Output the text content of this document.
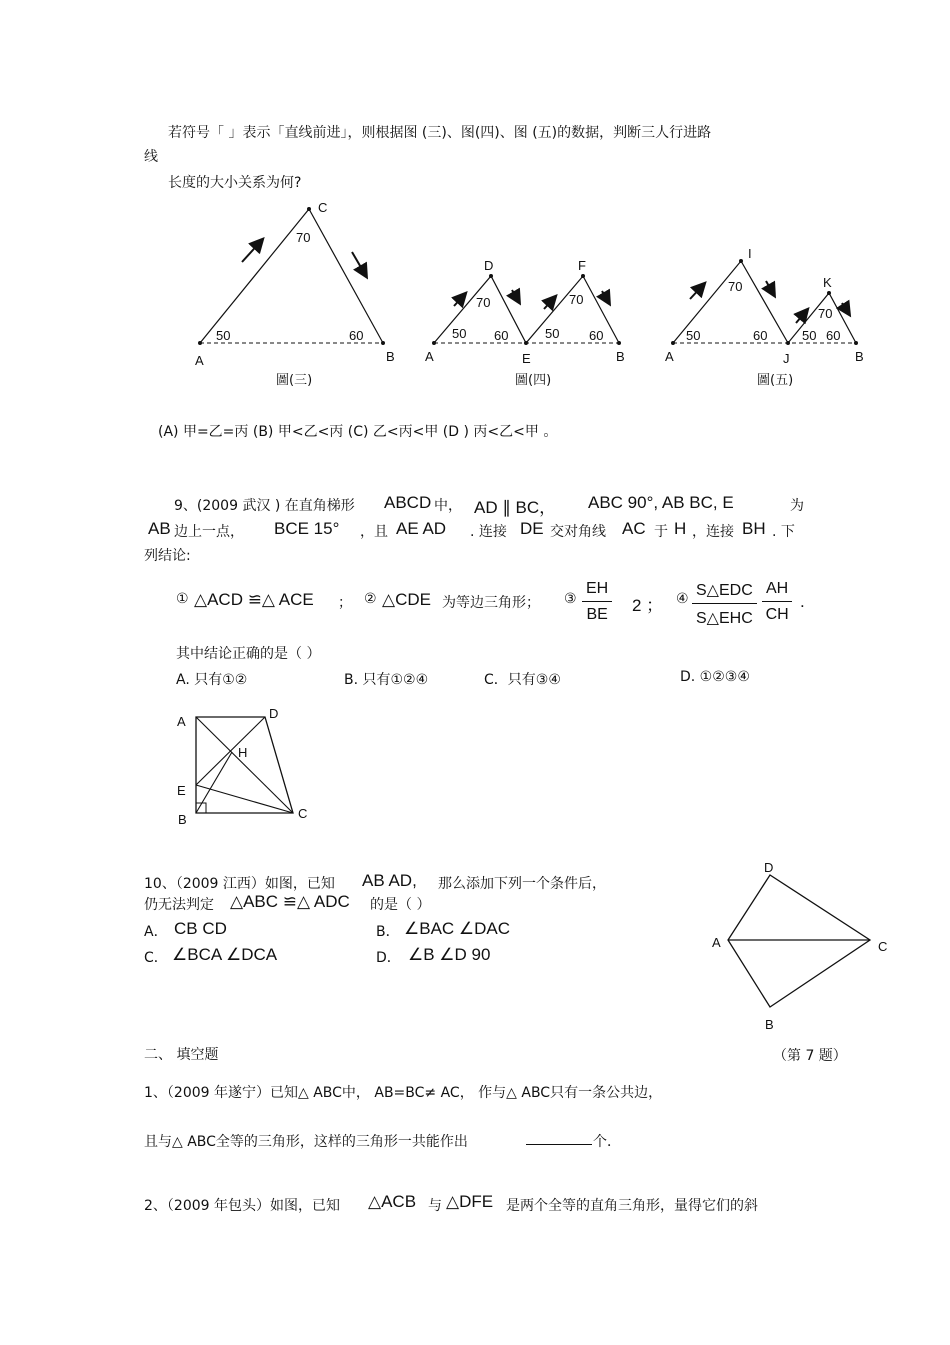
若符号「 」表示「直线前进」，则根据图 (三)、图(四)、图 (五)的数据，判断三人行进路
线
长度的大小关系为何?
A	B
C
70
50	60
圖(三)
A
D
E
F
B
70	70
50 60	50 60
圖(四)
A
I
J
K
B
70
70
50	60	50 60
圖(五)
(A) 甲=乙=丙 (B) 甲<乙<丙 (C) 乙<丙<甲 (D ) 丙<乙<甲 。
9、(2009 武汉 ) 在直角梯形 ABCD 中， AD ∥ BC， ABC 90°, AB BC, E	为
AB 边上一点， BCE 15° ，且 AE AD . 连接 DE 交对角线 AC 于 H ，连接 BH . 下
列结论:
① △ACD ≌△ ACE ； ② △CDE 为等边三角形； ③ $\frac{EH}{BE} 2$ ； ④ S△EDC
S△EHC $\frac{AH}{CH}$ .
其中结论正确的是（ ）
A. 只有①②	B. 只有①②④	C．只有③④	D. ①②③④
A
D
H
E
B	C
10、（2009 江西）如图，已知 AB AD, 那么添加下列一个条件后，
仍无法判定 △ABC ≌△ ADC 的是（ ）
A． CB CD	B． ∠BAC ∠DAC
C． ∠BCA ∠DCA	D． ∠B ∠D 90
D
A	C
B
二、 填空题	（第 7 题）
1、（2009 年遂宁）已知△ ABC中， AB=BC≠ AC， 作与△ ABC只有一条公共边，
且与△ ABC全等的三角形，这样的三角形一共能作出	个．
2、（2009 年包头）如图，已知 △ACB 与 △DFE 是两个全等的直角三角形，量得它们的斜
